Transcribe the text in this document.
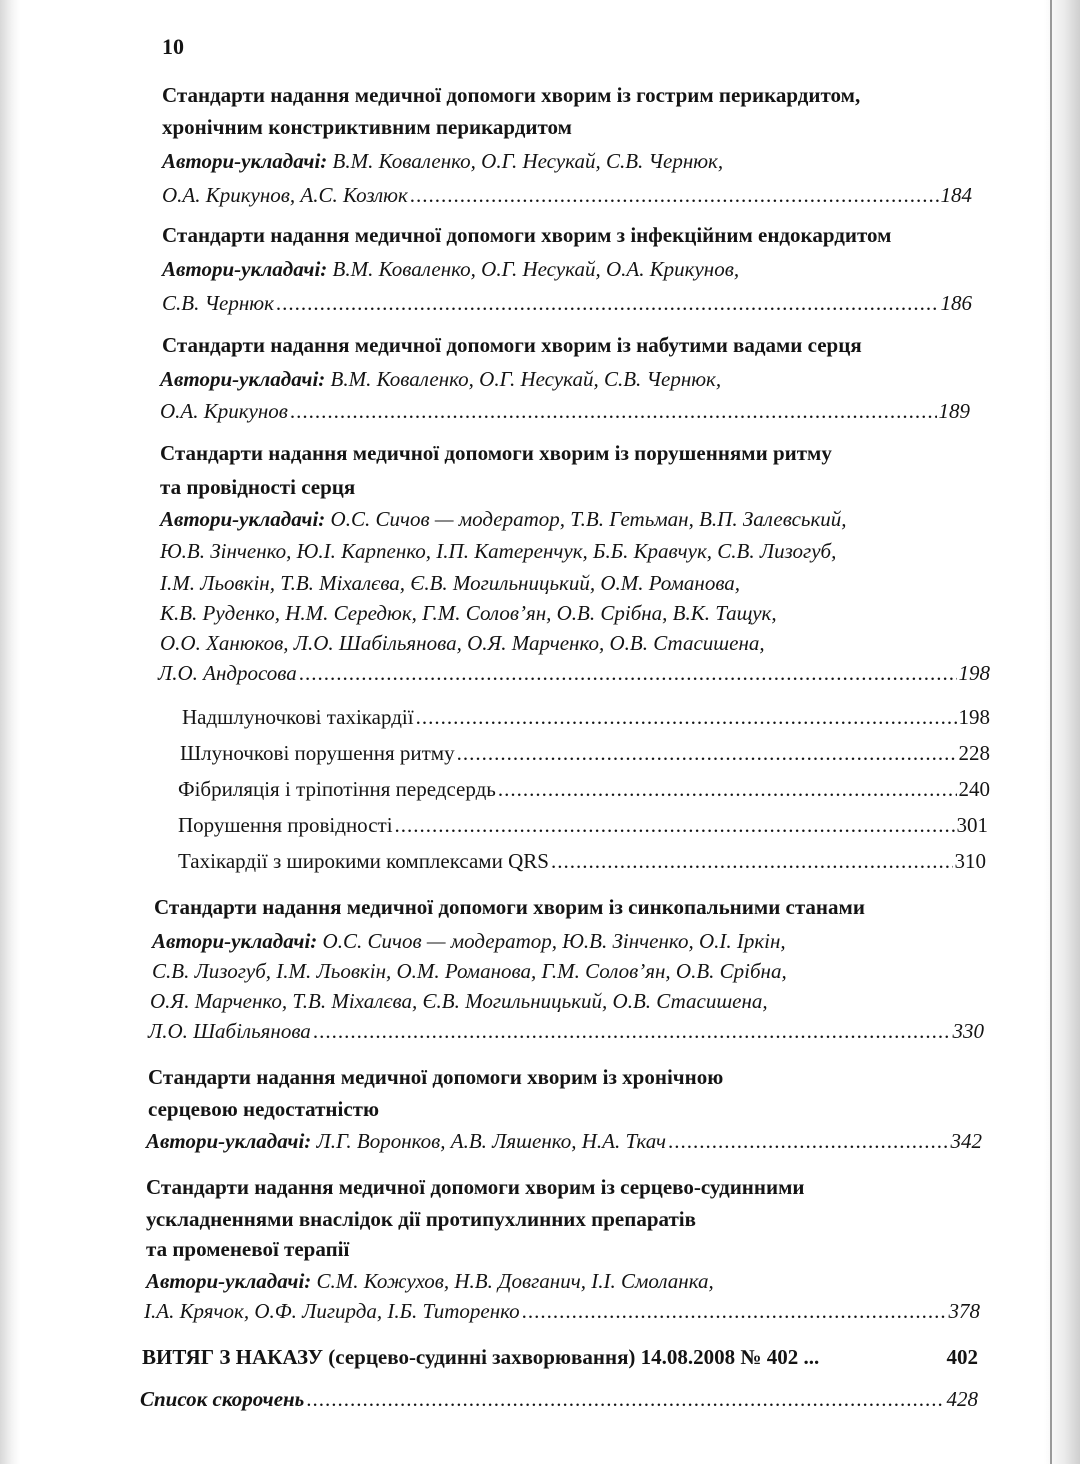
10
Стандарти надання медичної допомоги хворим із гострим перикардитом,
хронічним констриктивним перикардитом
Автори-укладачі: В.М. Коваленко, О.Г. Несукай, С.В. Чернюк,
О.А. Крикунов, А.С. Козлюк .....	184
Стандарти надання медичної допомоги хворим з інфекційним ендокардитом
Автори-укладачі: В.М. Коваленко, О.Г. Несукай, О.А. Крикунов,
С.В. Чернюк .....	186
Стандарти надання медичної допомоги хворим із набутими вадами серця
Автори-укладачі: В.М. Коваленко, О.Г. Несукай, С.В. Чернюк,
О.А. Крикунов .....	189
Стандарти надання медичної допомоги хворим із порушеннями ритму
та провідності серця
Автори-укладачі: О.С. Сичов — модератор, Т.В. Гетьман, В.П. Залевський,
Ю.В. Зінченко, Ю.І. Карпенко, І.П. Катеренчук, Б.Б. Кравчук, С.В. Лизогуб,
І.М. Льовкін, Т.В. Міхалєва, Є.В. Могильницький, О.М. Романова,
К.В. Руденко, Н.М. Середюк, Г.М. Солов’ян, О.В. Срібна, В.К. Тащук,
О.О. Ханюков, Л.О. Шабільянова, О.Я. Марченко, О.В. Стасишена,
Л.О. Андросова .....	198
Надшлуночкові тахікардії .....	198
Шлуночкові порушення ритму .....	228
Фібриляція і тріпотіння передсердь .....	240
Порушення провідності .....	301
Тахікардії з широкими комплексами QRS .....	310
Стандарти надання медичної допомоги хворим із синкопальними станами
Автори-укладачі: О.С. Сичов — модератор, Ю.В. Зінченко, О.І. Іркін,
С.В. Лизогуб, І.М. Льовкін, О.М. Романова, Г.М. Солов’ян, О.В. Срібна,
О.Я. Марченко, Т.В. Міхалєва, Є.В. Могильницький, О.В. Стасишена,
Л.О. Шабільянова .....	330
Стандарти надання медичної допомоги хворим із хронічною
серцевою недостатністю
Автори-укладачі: Л.Г. Воронков, А.В. Ляшенко, Н.А. Ткач .....	342
Стандарти надання медичної допомоги хворим із серцево-судинними
ускладненнями внаслідок дії протипухлинних препаратів
та променевої терапії
Автори-укладачі: С.М. Кожухов, Н.В. Довганич, І.І. Смоланка,
І.А. Крячок, О.Ф. Лигирда, І.Б. Титоренко .....	378
ВИТЯГ З НАКАЗУ (серцево-судинні захворювання) 14.08.2008 № 402 ...	402
Список скорочень .....	428
